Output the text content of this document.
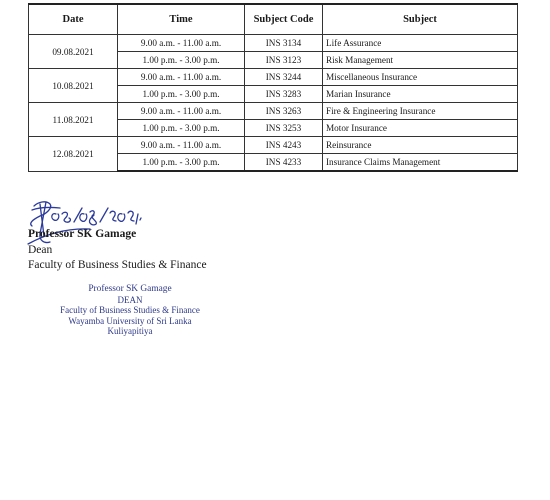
Date	Time	Subject Code	Subject
09.08.2021	9.00 a.m. - 11.00 a.m.	INS 3134	Life Assurance
	1.00 p.m. - 3.00 p.m.	INS 3123	Risk Management
10.08.2021	9.00 a.m. - 11.00 a.m.	INS 3244	Miscellaneous Insurance
	1.00 p.m. - 3.00 p.m.	INS 3283	Marian Insurance
11.08.2021	9.00 a.m. - 11.00 a.m.	INS 3263	Fire & Engineering Insurance
	1.00 p.m. - 3.00 p.m.	INS 3253	Motor Insurance
12.08.2021	9.00 a.m. - 11.00 a.m.	INS 4243	Reinsurance
	1.00 p.m. - 3.00 p.m.	INS 4233	Insurance Claims Management
Professor SK Gamage
Dean
Faculty of Business Studies & Finance
Professor SK Gamage
DEAN
Faculty of Business Studies & Finance
Wayamba University of Sri Lanka
Kuliyapitiya
